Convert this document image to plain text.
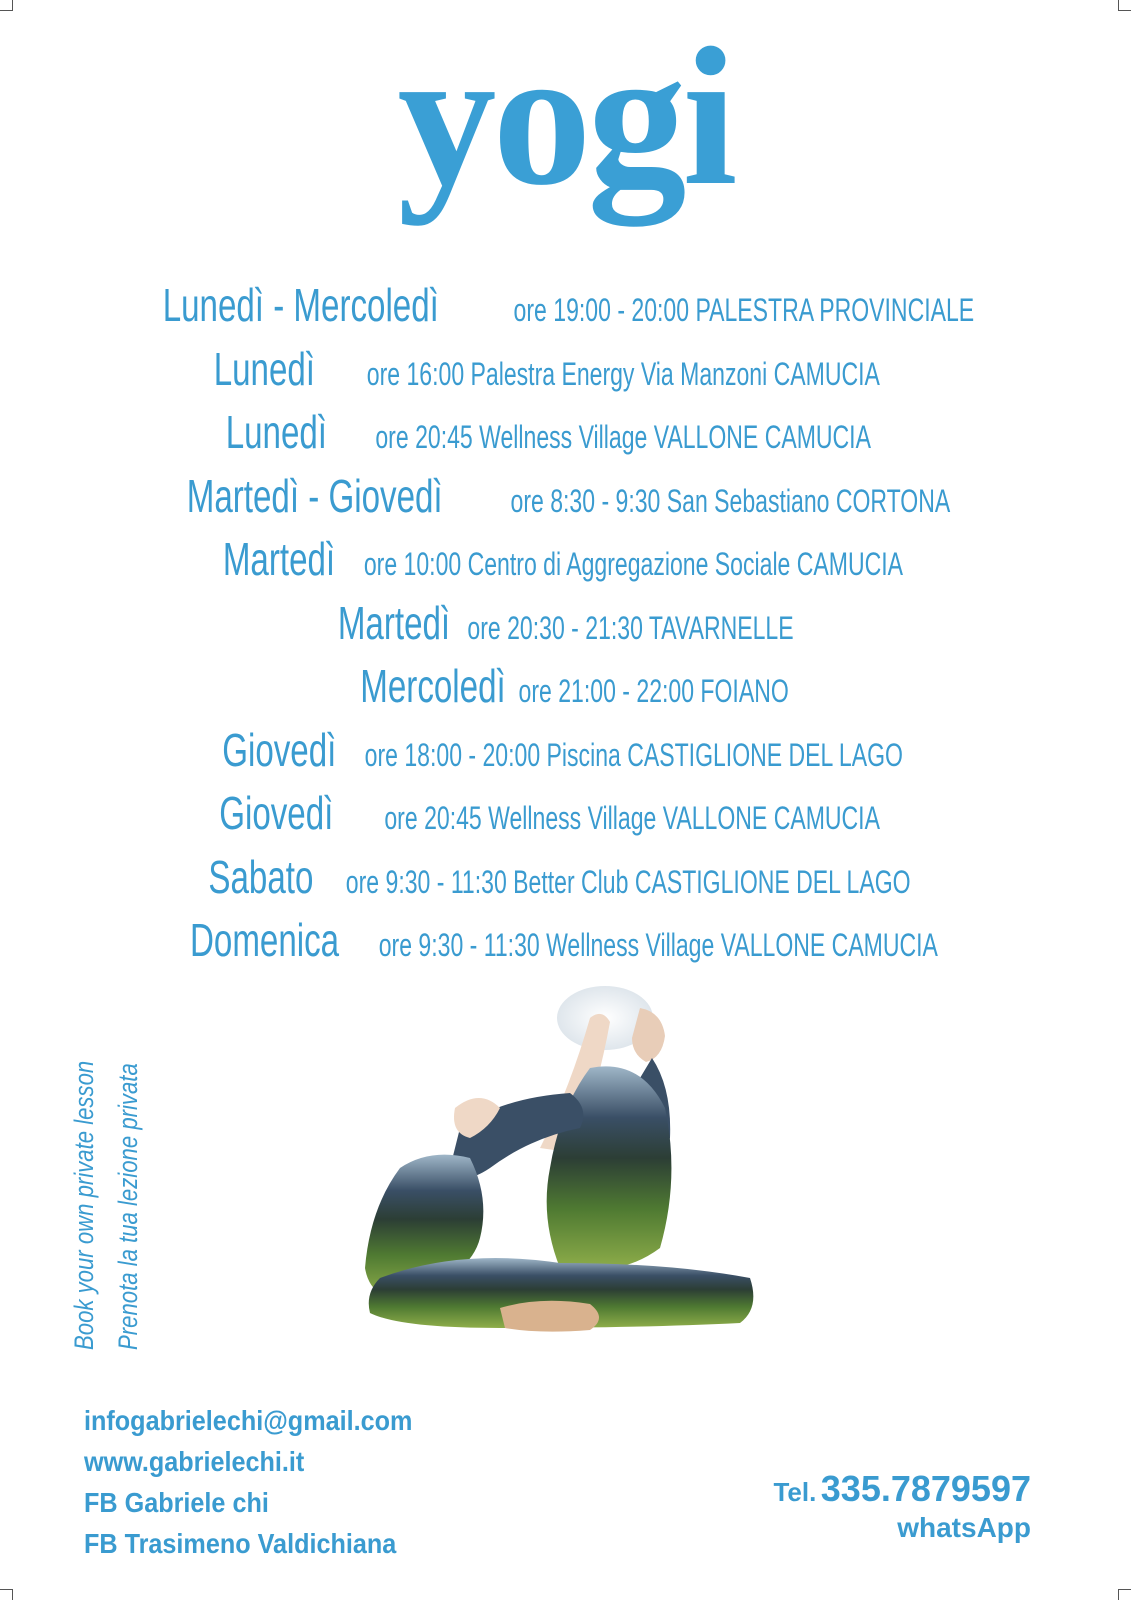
yogi
Lunedì - Mercoledì ore 19:00 - 20:00 PALESTRA PROVINCIALE
Lunedì ore 16:00 Palestra Energy Via Manzoni CAMUCIA
Lunedì ore 20:45 Wellness Village VALLONE CAMUCIA
Martedì - Giovedì ore 8:30 - 9:30 San Sebastiano CORTONA
Martedì ore 10:00 Centro di Aggregazione Sociale CAMUCIA
Martedì ore 20:30 - 21:30 TAVARNELLE
Mercoledì ore 21:00 - 22:00 FOIANO
Giovedì ore 18:00 - 20:00 Piscina CASTIGLIONE DEL LAGO
Giovedì ore 20:45 Wellness Village VALLONE CAMUCIA
Sabato ore 9:30 - 11:30 Better Club CASTIGLIONE DEL LAGO
Domenica ore 9:30 - 11:30 Wellness Village VALLONE CAMUCIA
Book your own private lesson Prenota la tua lezione privata
infogabrielechi@gmail.com
www.gabrielechi.it
FB Gabriele chi
FB Trasimeno Valdichiana
Tel. 335.7879597
whatsApp
